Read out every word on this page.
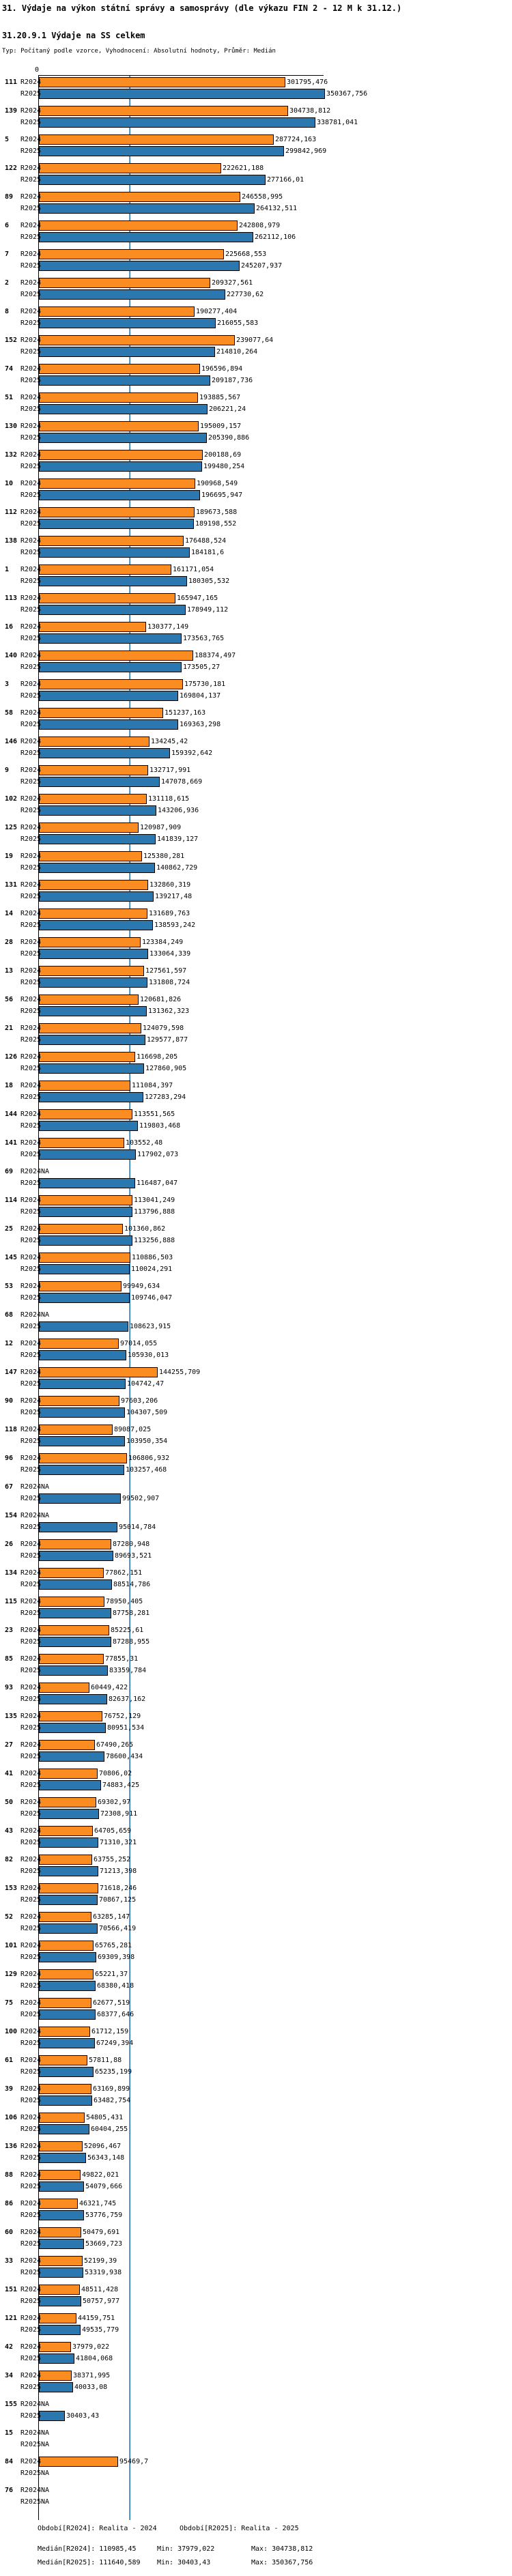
31. Výdaje na výkon státní správy a samosprávy (dle výkazu FIN 2 - 12 M k 31.12.)
31.20.9.1 Výdaje na SS celkem
Typ: Počítaný podle vzorce, Vyhodnocení: Absolutní hodnoty, Průměr: Medián
0
111 R2024
R2025
301795,476
350367,756
139 R2024
R2025
304738,812
338781,041
5 R2024
R2025
287724,163
299842,969
122 R2024
R2025
222621,188
277166,01
89 R2024
R2025
246558,995
264132,511
6 R2024
R2025
242808,979
262112,106
7 R2024
R2025
225668,553
245207,937
2 R2024
R2025
209327,561
227730,62
8 R2024
R2025
190277,404
216055,583
152 R2024
R2025
239077,64
214810,264
74 R2024
R2025
196596,894
209187,736
51 R2024
R2025
193885,567
206221,24
130 R2024
R2025
195009,157
205390,886
132 R2024
R2025
200188,69
199480,254
10 R2024
R2025
190968,549
196695,947
112 R2024
R2025
189673,588
189198,552
138 R2024
R2025
176488,524
184181,6
1 R2024
R2025
161171,054
180305,532
113 R2024
R2025
165947,165
178949,112
16 R2024
R2025
130377,149
173563,765
140 R2024
R2025
188374,497
173505,27
3 R2024
R2025
175730,181
169804,137
58 R2024
R2025
151237,163
169363,298
146 R2024
R2025
134245,42
159392,642
9 R2024
R2025
132717,991
147078,669
102 R2024
R2025
131118,615
143206,936
125 R2024
R2025
120987,909
141839,127
19 R2024
R2025
125380,281
140862,729
131 R2024
R2025
132860,319
139217,48
14 R2024
R2025
131689,763
138593,242
28 R2024
R2025
123384,249
133064,339
13 R2024
R2025
127561,597
131808,724
56 R2024
R2025
120681,826
131362,323
21 R2024
R2025
124079,598
129577,877
126 R2024
R2025
116698,205
127860,905
18 R2024
R2025
111084,397
127283,294
144 R2024
R2025
113551,565
119803,468
141 R2024
R2025
103552,48
117902,073
69 R2024
R2025
NA
116487,047
114 R2024
R2025
113041,249
113796,888
25 R2024
R2025
101360,862
113256,888
145 R2024
R2025
110886,503
110024,291
53 R2024
R2025
99949,634
109746,047
68 R2024
R2025
NA
108623,915
12 R2024
R2025
97014,055
105930,013
147 R2024
R2025
144255,709
104742,47
90 R2024
R2025
97603,206
104307,509
118 R2024
R2025
89087,025
103950,354
96 R2024
R2025
106806,932
103257,468
67 R2024
R2025
NA
99502,907
154 R2024
R2025
NA
95014,784
26 R2024
R2025
87280,948
89693,521
134 R2024
R2025
77862,151
88514,786
115 R2024
R2025
78950,405
87758,281
23 R2024
R2025
85225,61
87288,955
85 R2024
R2025
77855,31
83359,784
93 R2024
R2025
60449,422
82637,162
135 R2024
R2025
76752,129
80951,534
27 R2024
R2025
67490,265
78600,434
41 R2024
R2025
70806,02
74883,425
50 R2024
R2025
69302,97
72308,911
43 R2024
R2025
64705,659
71310,321
82 R2024
R2025
63755,252
71213,398
153 R2024
R2025
71618,246
70867,125
52 R2024
R2025
63285,147
70566,419
101 R2024
R2025
65765,281
69309,398
129 R2024
R2025
65221,37
68380,418
75 R2024
R2025
62677,519
68377,646
100 R2024
R2025
61712,159
67249,394
61 R2024
R2025
57811,88
65235,199
39 R2024
R2025
63169,899
63482,754
106 R2024
R2025
54805,431
60404,255
136 R2024
R2025
52096,467
56343,148
88 R2024
R2025
49822,021
54079,666
86 R2024
R2025
46321,745
53776,759
60 R2024
R2025
50479,691
53669,723
33 R2024
R2025
52199,39
53319,938
151 R2024
R2025
48511,428
50757,977
121 R2024
R2025
44159,751
49535,779
42 R2024
R2025
37979,022
41804,068
34 R2024
R2025
38371,995
40033,08
155 R2024
R2025
NA
30403,43
15 R2024
R2025
NA
NA
84 R2024
R2025
95469,7
NA
76 R2024
R2025
NA
NA
Období[R2024]: Realita - 2024	Období[R2025]: Realita - 2025
Medián[R2024]: 110985,45	Min: 37979,022	Max: 304738,812
Medián[R2025]: 111640,589 Min: 30403,43	Max: 350367,756
